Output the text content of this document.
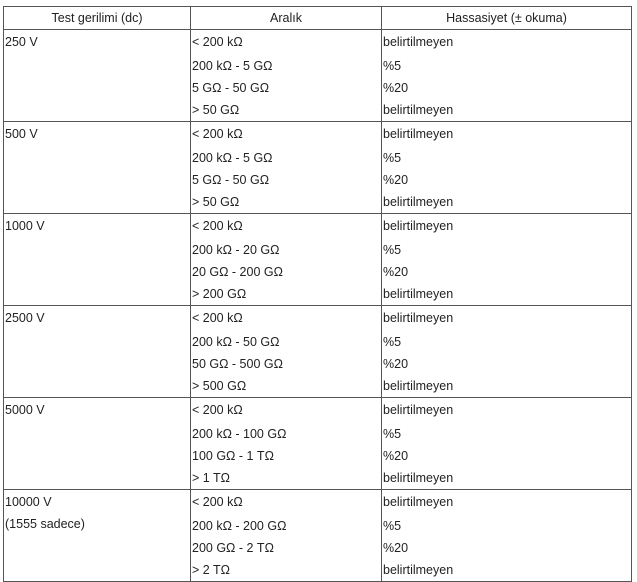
Test gerilimi (dc)	Aralık	Hassasiyet (± okuma)

250 V	< 200 kΩ	belirtilmeyen
	200 kΩ - 5 GΩ	%5
	5 GΩ - 50 GΩ	%20
	> 50 GΩ	belirtilmeyen

500 V	< 200 kΩ	belirtilmeyen
	200 kΩ - 5 GΩ	%5
	5 GΩ - 50 GΩ	%20
	> 50 GΩ	belirtilmeyen

1000 V	< 200 kΩ	belirtilmeyen
	200 kΩ - 20 GΩ	%5
	20 GΩ - 200 GΩ	%20
	> 200 GΩ	belirtilmeyen

2500 V	< 200 kΩ	belirtilmeyen
	200 kΩ - 50 GΩ	%5
	50 GΩ - 500 GΩ	%20
	> 500 GΩ	belirtilmeyen

5000 V	< 200 kΩ	belirtilmeyen
	200 kΩ - 100 GΩ	%5
	100 GΩ - 1 TΩ	%20
	> 1 TΩ	belirtilmeyen

10000 V
(1555 sadece)	< 200 kΩ	belirtilmeyen
	200 kΩ - 200 GΩ	%5
	200 GΩ - 2 TΩ	%20
	> 2 TΩ	belirtilmeyen
